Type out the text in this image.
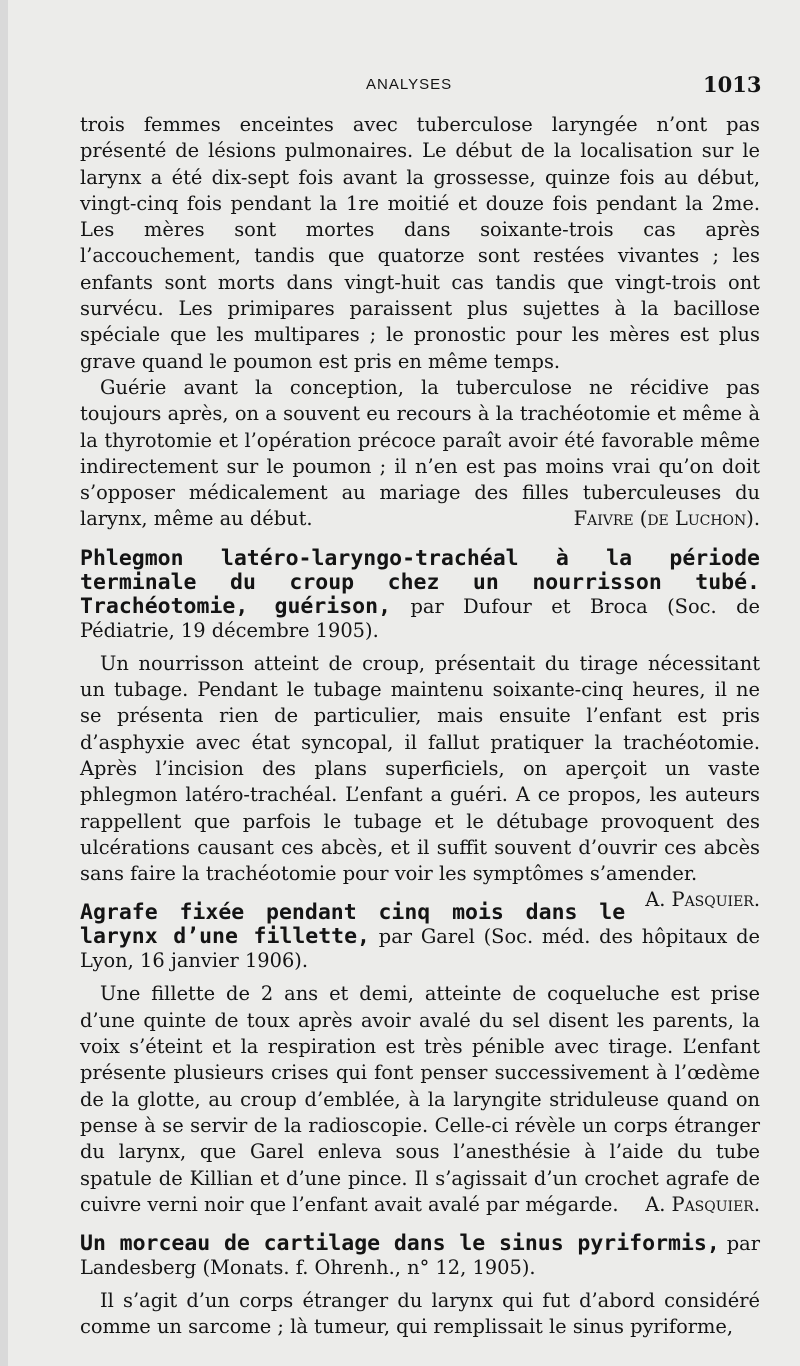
ANALYSES	1013

trois femmes enceintes avec tuberculose laryngée n’ont pas présenté de lésions pulmonaires. Le début de la localisation sur le larynx a été dix-sept fois avant la grossesse, quinze fois au début, vingt-cinq fois pendant la 1re moitié et douze fois pendant la 2me. Les mères sont mortes dans soixante-trois cas après l’accouchement, tandis que quatorze sont restées vivantes ; les enfants sont morts dans vingt-huit cas tandis que vingt-trois ont survécu. Les primipares paraissent plus sujettes à la bacillose spéciale que les multipares ; le pronostic pour les mères est plus grave quand le poumon est pris en même temps.

Guérie avant la conception, la tuberculose ne récidive pas toujours après, on a souvent eu recours à la trachéotomie et même à la thyrotomie et l’opération précoce paraît avoir été favorable même indirectement sur le poumon ; il n’en est pas moins vrai qu’on doit s’opposer médicalement au mariage des filles tuberculeuses du larynx, même au début.	Faivre (de Luchon).

Phlegmon latéro-laryngo-trachéal à la période terminale du croup chez un nourrisson tubé. Trachéotomie, guérison, par Dufour et Broca (Soc. de Pédiatrie, 19 décembre 1905).

Un nourrisson atteint de croup, présentait du tirage nécessitant un tubage. Pendant le tubage maintenu soixante-cinq heures, il ne se présenta rien de particulier, mais ensuite l’enfant est pris d’asphyxie avec état syncopal, il fallut pratiquer la trachéotomie. Après l’incision des plans superficiels, on aperçoit un vaste phlegmon latéro-trachéal. L’enfant a guéri. A ce propos, les auteurs rappellent que parfois le tubage et le détubage provoquent des ulcérations causant ces abcès, et il suffit souvent d’ouvrir ces abcès sans faire la trachéotomie pour voir les symptômes s’amender.
A. Pasquier.

Agrafe fixée pendant cinq mois dans le larynx d’une fillette, par Garel (Soc. méd. des hôpitaux de Lyon, 16 janvier 1906).

Une fillette de 2 ans et demi, atteinte de coqueluche est prise d’une quinte de toux après avoir avalé du sel disent les parents, la voix s’éteint et la respiration est très pénible avec tirage. L’enfant présente plusieurs crises qui font penser successivement à l’œdème de la glotte, au croup d’emblée, à la laryngite striduleuse quand on pense à se servir de la radioscopie. Celle-ci révèle un corps étranger du larynx, que Garel enleva sous l’anesthésie à l’aide du tube spatule de Killian et d’une pince. Il s’agissait d’un crochet agrafe de cuivre verni noir que l’enfant avait avalé par mégarde.	A. Pasquier.

Un morceau de cartilage dans le sinus pyriformis, par Landesberg (Monats. f. Ohrenh., n° 12, 1905).

Il s’agit d’un corps étranger du larynx qui fut d’abord considéré comme un sarcome ; là tumeur, qui remplissait le sinus pyriforme,
